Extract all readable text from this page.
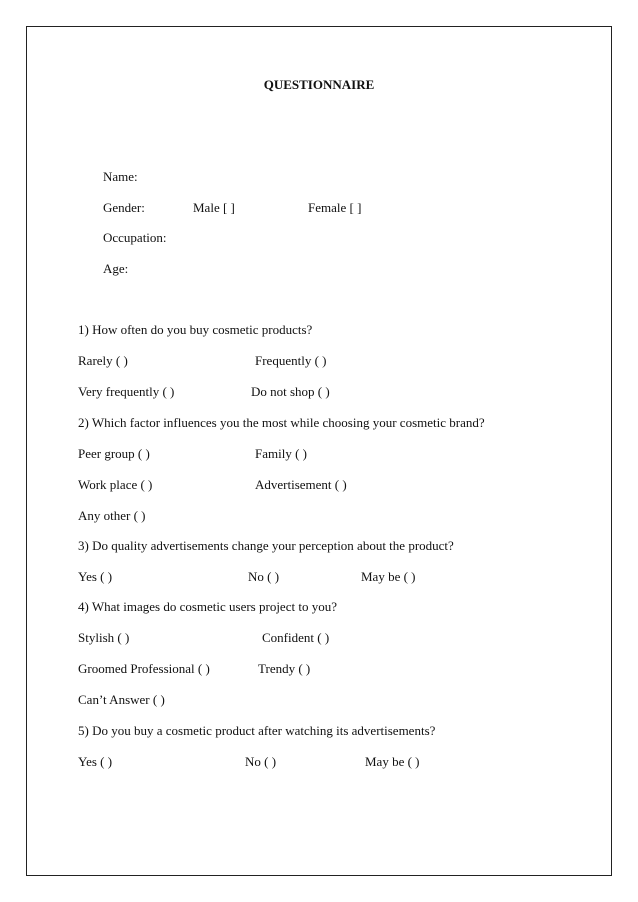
QUESTIONNAIRE
Name:
Gender:	Male [ ]	Female [ ]
Occupation:
Age:
1) How often do you buy cosmetic products?
Rarely ( )	Frequently ( )
Very frequently ( )	Do not shop ( )
2) Which factor influences you the most while choosing your cosmetic brand?
Peer group ( )	Family ( )
Work place ( )	Advertisement ( )
Any other ( )
3) Do quality advertisements change your perception about the product?
Yes ( )	No ( )	May be ( )
4) What images do cosmetic users project to you?
Stylish ( )	Confident ( )
Groomed Professional ( )	Trendy ( )
Can’t Answer ( )
5) Do you buy a cosmetic product after watching its advertisements?
Yes ( )	No ( )	May be ( )
